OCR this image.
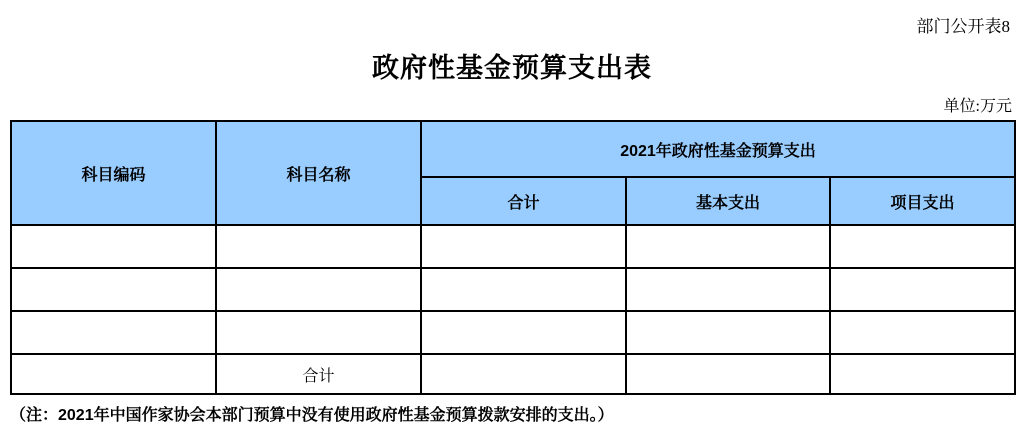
部门公开表8
政府性基金预算支出表
单位:万元
科目编码	科目名称	2021年政府性基金预算支出		
		合计	基本支出	项目支出

	合计			
（注：2021年中国作家协会本部门预算中没有使用政府性基金预算拨款安排的支出。）
